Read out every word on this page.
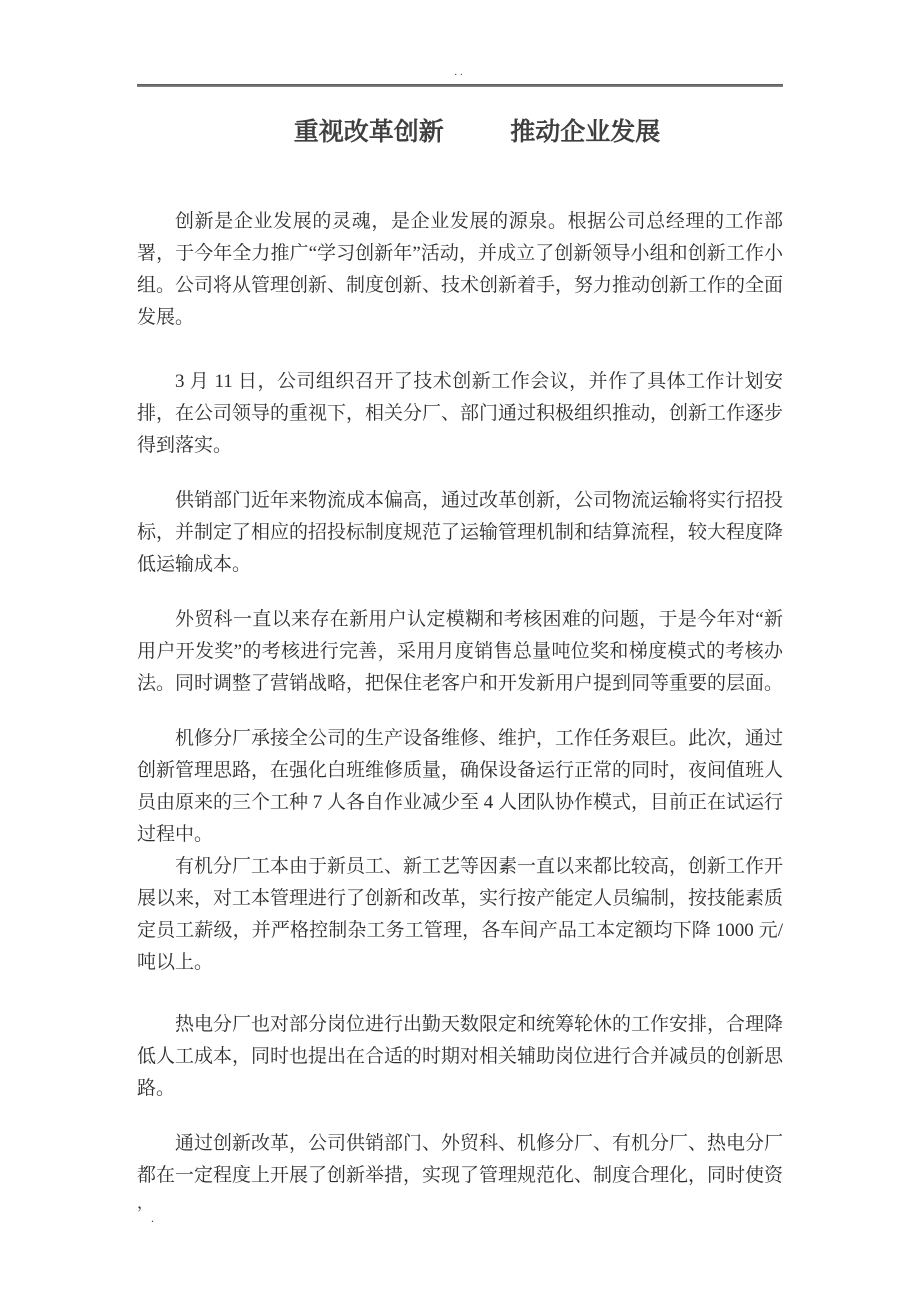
..
重视改革创新	推动企业发展

创新是企业发展的灵魂，是企业发展的源泉。根据公司总经理的工作部署，于今年全力推广“学习创新年”活动，并成立了创新领导小组和创新工作小组。公司将从管理创新、制度创新、技术创新着手，努力推动创新工作的全面发展。

3 月 11 日，公司组织召开了技术创新工作会议，并作了具体工作计划安排，在公司领导的重视下，相关分厂、部门通过积极组织推动，创新工作逐步得到落实。

供销部门近年来物流成本偏高，通过改革创新，公司物流运输将实行招投标，并制定了相应的招投标制度规范了运输管理机制和结算流程，较大程度降低运输成本。

外贸科一直以来存在新用户认定模糊和考核困难的问题，于是今年对“新用户开发奖”的考核进行完善，采用月度销售总量吨位奖和梯度模式的考核办法。同时调整了营销战略，把保住老客户和开发新用户提到同等重要的层面。

机修分厂承接全公司的生产设备维修、维护，工作任务艰巨。此次，通过创新管理思路，在强化白班维修质量，确保设备运行正常的同时，夜间值班人员由原来的三个工种 7 人各自作业减少至 4 人团队协作模式，目前正在试运行过程中。

有机分厂工本由于新员工、新工艺等因素一直以来都比较高，创新工作开展以来，对工本管理进行了创新和改革，实行按产能定人员编制，按技能素质定员工薪级，并严格控制杂工务工管理，各车间产品工本定额均下降 1000 元/吨以上。

热电分厂也对部分岗位进行出勤天数限定和统筹轮休的工作安排，合理降低人工成本，同时也提出在合适的时期对相关辅助岗位进行合并减员的创新思路。

通过创新改革，公司供销部门、外贸科、机修分厂、有机分厂、热电分厂都在一定程度上开展了创新举措，实现了管理规范化、制度合理化，同时使资

，
.
